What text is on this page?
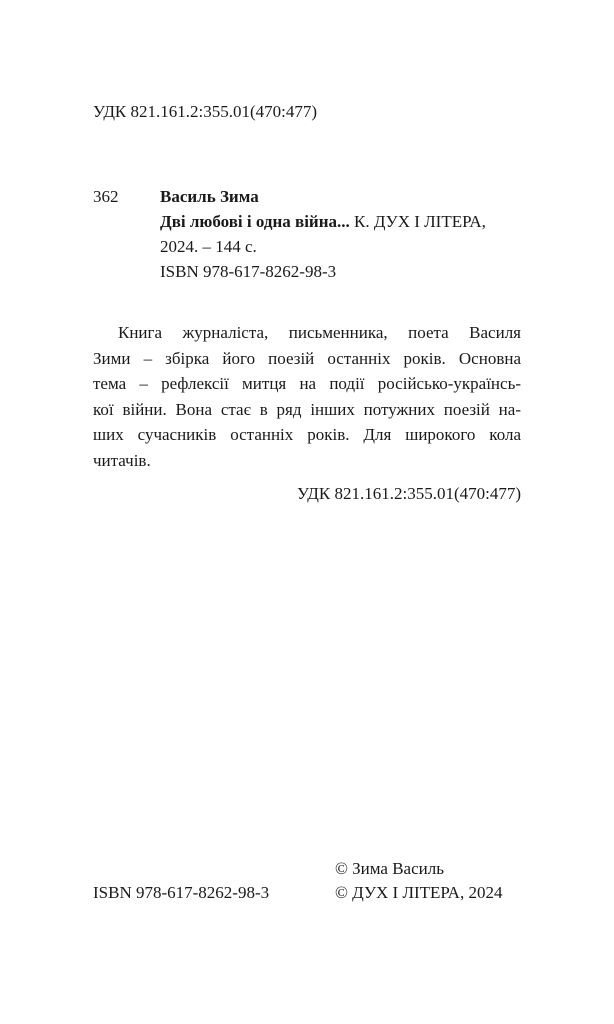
УДК 821.161.2:355.01(470:477)
362 Василь Зима
Дві любові і одна війна... К. ДУХ І ЛІТЕРА,
2024. – 144 с.
ISBN 978-617-8262-98-3
Книга журналіста, письменника, поета Василя
Зими – збірка його поезій останніх років. Основна
тема – рефлексії митця на події російсько-українсь-
кої війни. Вона стає в ряд інших потужних поезій на-
ших сучасників останніх років. Для широкого кола
читачів.
УДК 821.161.2:355.01(470:477)
© Зима Василь
© ДУХ І ЛІТЕРА, 2024
ISBN 978-617-8262-98-3
